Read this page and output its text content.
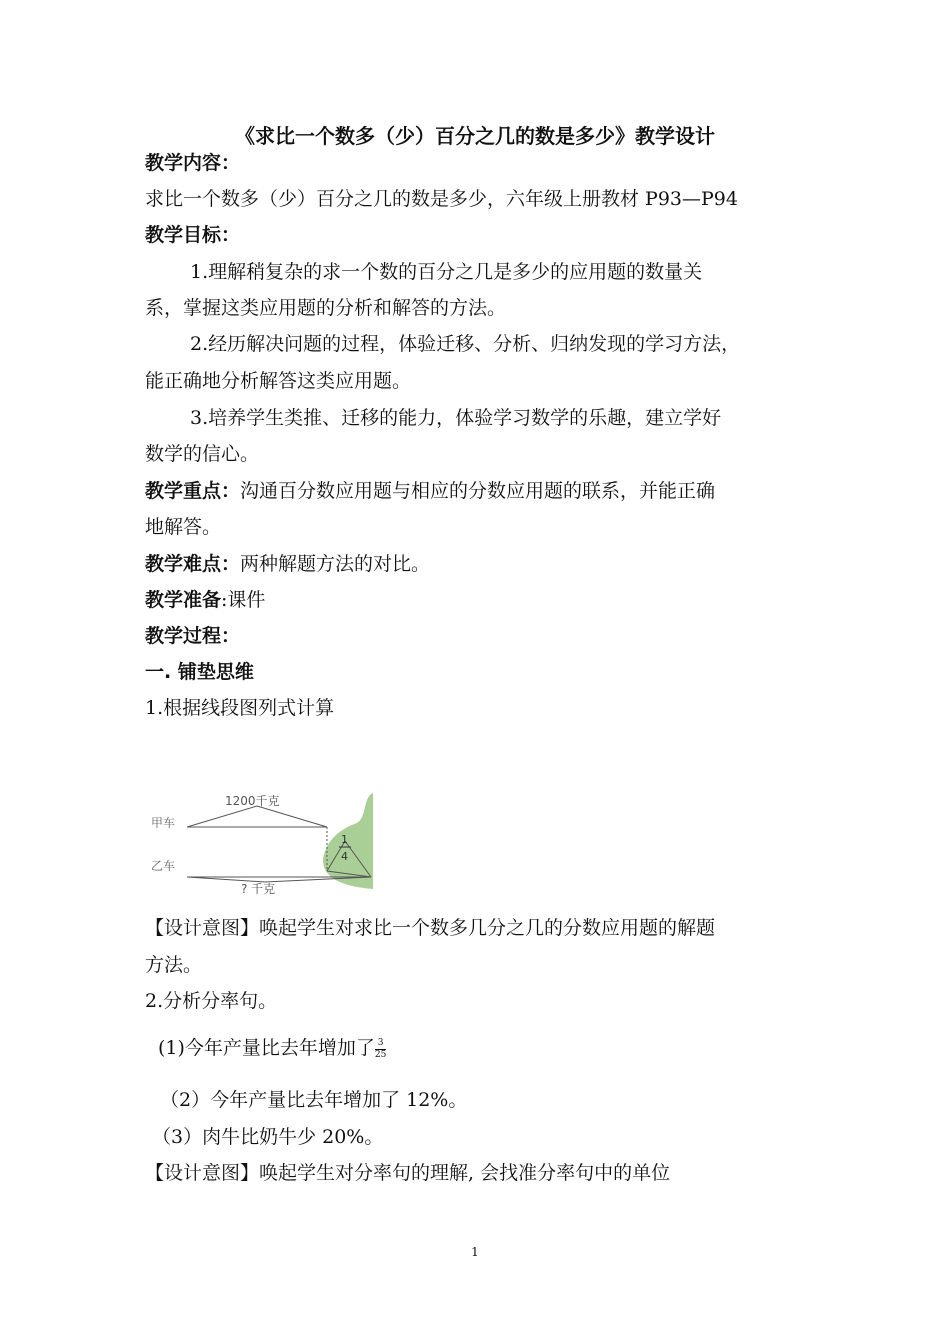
《求比一个数多（少）百分之几的数是多少》教学设计
教学内容：
求比一个数多（少）百分之几的数是多少，六年级上册教材 P93—P94
教学目标：
1.理解稍复杂的求一个数的百分之几是多少的应用题的数量关
系，掌握这类应用题的分析和解答的方法。
2.经历解决问题的过程，体验迁移、分析、归纳发现的学习方法，
能正确地分析解答这类应用题。
3.培养学生类推、迁移的能力，体验学习数学的乐趣，建立学好
数学的信心。
教学重点：沟通百分数应用题与相应的分数应用题的联系，并能正确
地解答。
教学难点：两种解题方法的对比。
教学准备:课件
教学过程：
一. 铺垫思维
1.根据线段图列式计算
1200千克
甲车
乙车
1
4
? 千克
【设计意图】唤起学生对求比一个数多几分之几的分数应用题的解题
方法。
2.分析分率句。
(1)今年产量比去年增加了 $\frac{3}{25}$
（2）今年产量比去年增加了 12%。
（3）肉牛比奶牛少 20%。
【设计意图】唤起学生对分率句的理解, 会找准分率句中的单位
1
